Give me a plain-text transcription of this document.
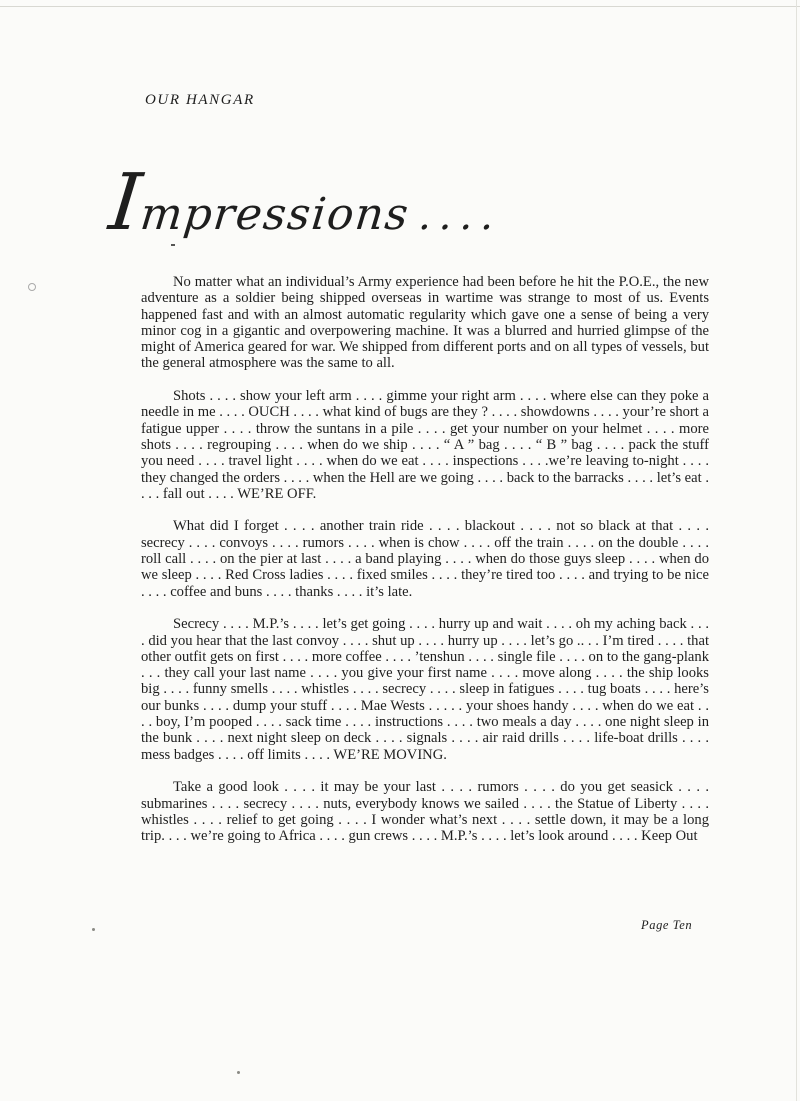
OUR HANGAR
Impressions ....

No matter what an individual’s Army experience had been before he hit the P.O.E., the new adventure as a soldier being shipped overseas in wartime was strange to most of us. Events happened fast and with an almost automatic regularity which gave one a sense of being a very minor cog in a gigantic and overpowering machine. It was a blurred and hurried glimpse of the might of America geared for war. We shipped from different ports and on all types of vessels, but the general atmosphere was the same to all.

Shots . . . . show your left arm . . . . gimme your right arm . . . . where else can they poke a needle in me . . . . OUCH . . . . what kind of bugs are they ? . . . . showdowns . . . . your’re short a fatigue upper . . . . throw the suntans in a pile . . . . get your number on your helmet . . . . more shots . . . . regrouping . . . . when do we ship . . . . “ A ” bag . . . . “ B ” bag . . . . pack the stuff you need . . . . travel light . . . . when do we eat . . . . inspections . . . .we’re leaving to-night . . . . they changed the orders . . . . when the Hell are we going . . . . back to the barracks . . . . let’s eat . . . . fall out . . . . WE’RE OFF.

What did I forget . . . . another train ride . . . . blackout . . . . not so black at that . . . . secrecy . . . . convoys . . . . rumors . . . . when is chow . . . . off the train . . . . on the double . . . . roll call . . . . on the pier at last . . . . a band playing . . . . when do those guys sleep . . . . when do we sleep . . . . Red Cross ladies . . . . fixed smiles . . . . they’re tired too . . . . and trying to be nice . . . . coffee and buns . . . . thanks . . . . it’s late.

Secrecy . . . . M.P.’s . . . . let’s get going . . . . hurry up and wait . . . . oh my aching back . . . . did you hear that the last convoy . . . . shut up . . . . hurry up . . . . let’s go .. . . I’m tired . . . . that other outfit gets on first . . . . more coffee . . . . ’tenshun . . . . single file . . . . on to the gang-plank . . . they call your last name . . . . you give your first name . . . . move along . . . . the ship looks big . . . . funny smells . . . . whistles . . . . secrecy . . . . sleep in fatigues . . . . tug boats . . . . here’s our bunks . . . . dump your stuff . . . . Mae Wests . . . . . your shoes handy . . . . when do we eat . . . . boy, I’m pooped . . . . sack time . . . . instructions . . . . two meals a day . . . . one night sleep in the bunk . . . . next night sleep on deck . . . . signals . . . . air raid drills . . . . life-boat drills . . . . mess badges . . . . off limits . . . . WE’RE MOVING.

Take a good look . . . . it may be your last . . . . rumors . . . . do you get seasick . . . . submarines . . . . secrecy . . . . nuts, everybody knows we sailed . . . . the Statue of Liberty . . . . whistles . . . . relief to get going . . . . I wonder what’s next . . . . settle down, it may be a long trip. . . . we’re going to Africa . . . . gun crews . . . . M.P.’s . . . . let’s look around . . . . Keep Out

Page Ten
